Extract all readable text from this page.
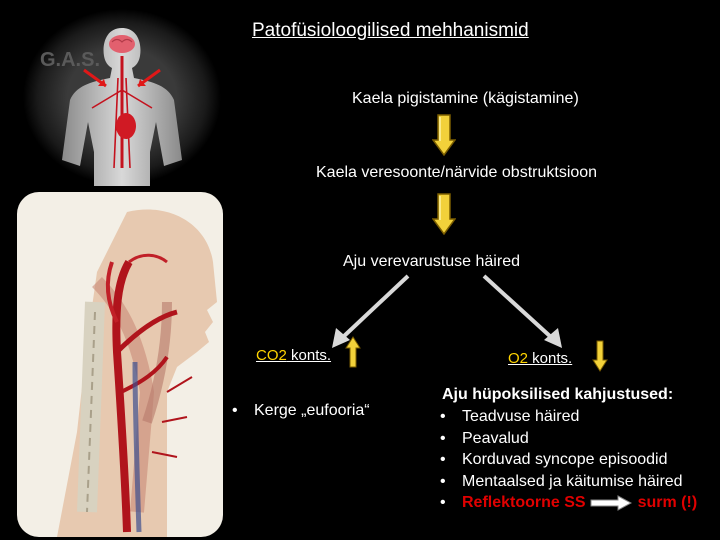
G.A.S.
Patofüsioloogilised mehhanismid
Kaela pigistamine (kägistamine)
Kaela veresoonte/närvide obstruktsioon
Aju verevarustuse häired
CO2 konts.	O2 konts.
•	Kerge „eufooria“
Aju hüpoksilised kahjustused:
•	Teadvuse häired
•	Peavalud
•	Korduvad syncope episoodid
•	Mentaalsed ja käitumise häired
•	Reflektoorne SS	surm (!)
